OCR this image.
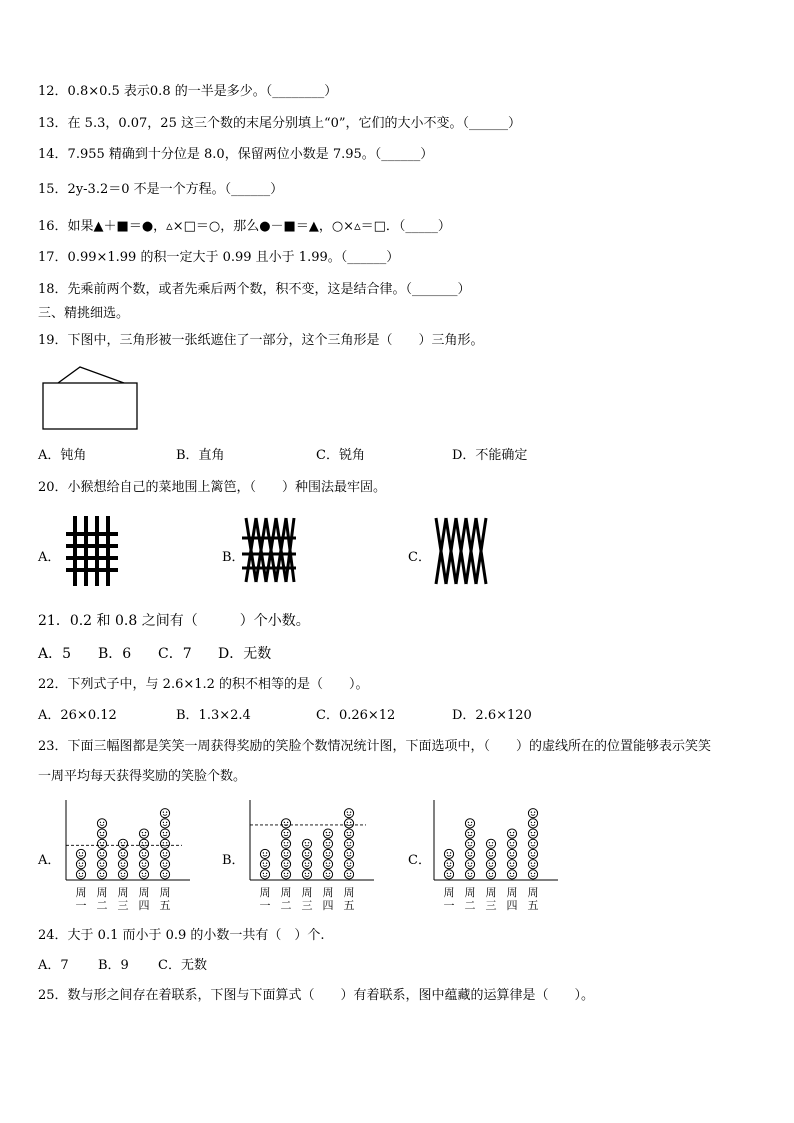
12．0.8×0.5 表示0.8 的一半是多少。（________）
13．在 5.3，0.07，25 这三个数的末尾分别填上“0”，它们的大小不变。（______）
14．7.955 精确到十分位是 8.0，保留两位小数是 7.95。（______）
15．2y-3.2＝0 不是一个方程。（______）
16．如果▲＋■＝●，▵×□＝○，那么●－■＝▲，○×▵＝□．（_____）
17．0.99×1.99 的积一定大于 0.99 且小于 1.99。（______）
18．先乘前两个数，或者先乘后两个数，积不变，这是结合律。（_______）
三、精挑细选。
19．下图中，三角形被一张纸遮住了一部分，这个三角形是（　　）三角形。
A．钝角	B．直角	C．锐角	D．不能确定
20．小猴想给自己的菜地围上篱笆，（　　）种围法最牢固。
A．	B．	C．
21．0.2 和 0.8 之间有（　　　）个小数。
A．5 B．6 C．7 D．无数
22．下列式子中，与 2.6×1.2 的积不相等的是（　　）。
A．26×0.12	B．1.3×2.4	C．0.26×12	D．2.6×120
23．下面三幅图都是笑笑一周获得奖励的笑脸个数情况统计图，下面选项中，（　　）的虚线所在的位置能够表示笑笑
一周平均每天获得奖励的笑脸个数。
A．	B．	C．
周
一
周
二
周
三
周
四
周
五
周
一
周
二
周
三
周
四
周
五
周
一
周
二
周
三
周
四
周
五
24．大于 0.1 而小于 0.9 的小数一共有（　）个.
A．7 B．9 C．无数
25．数与形之间存在着联系，下图与下面算式（　　）有着联系，图中蕴藏的运算律是（　　）。
